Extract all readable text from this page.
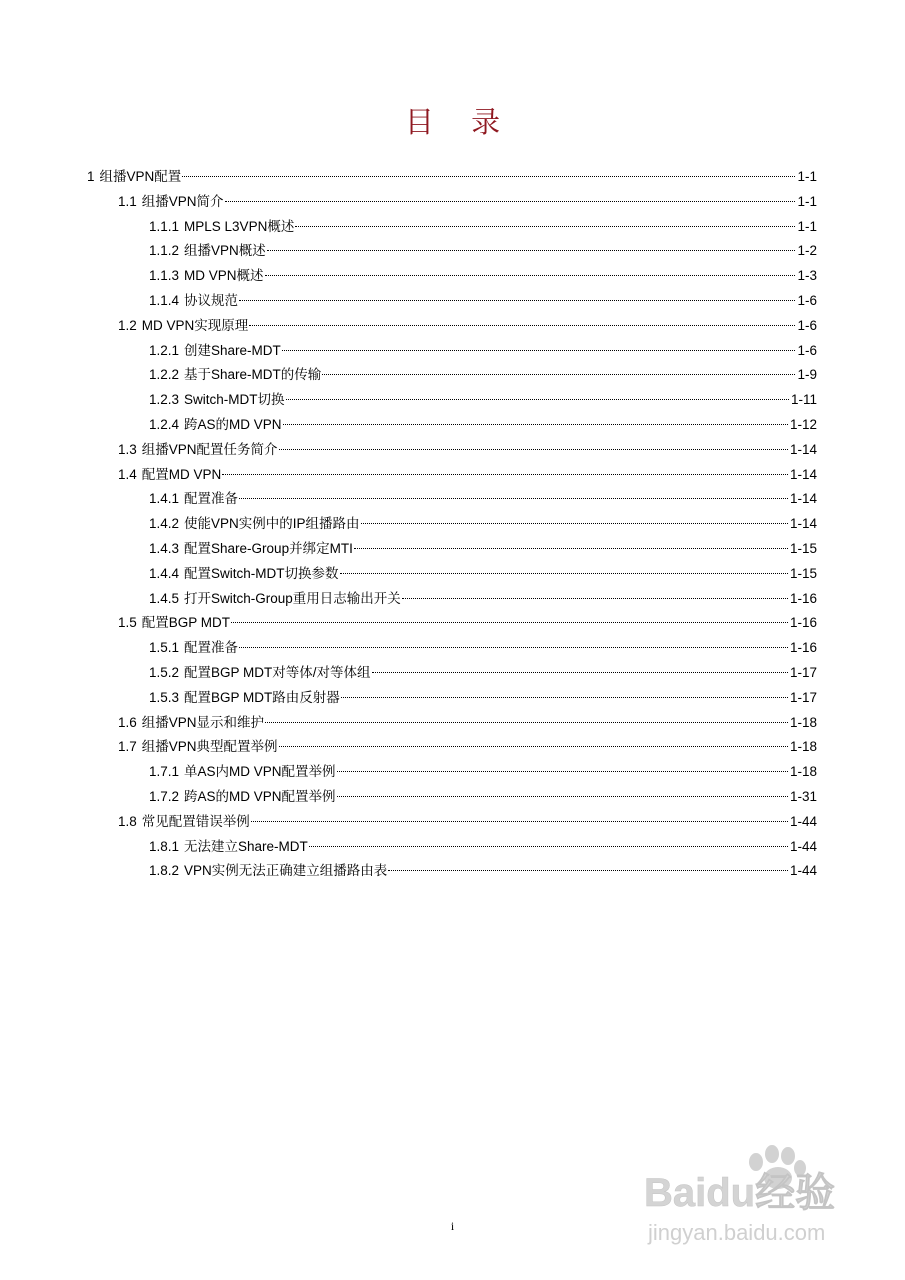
目 录
1 组播VPN配置	1-1
1.1 组播VPN简介	1-1
1.1.1 MPLS L3VPN概述	1-1
1.1.2 组播VPN概述	1-2
1.1.3 MD VPN概述	1-3
1.1.4 协议规范	1-6
1.2 MD VPN实现原理	1-6
1.2.1 创建Share-MDT	1-6
1.2.2 基于Share-MDT的传输	1-9
1.2.3 Switch-MDT切换	1-11
1.2.4 跨AS的MD VPN	1-12
1.3 组播VPN配置任务简介	1-14
1.4 配置MD VPN	1-14
1.4.1 配置准备	1-14
1.4.2 使能VPN实例中的IP组播路由	1-14
1.4.3 配置Share-Group并绑定MTI	1-15
1.4.4 配置Switch-MDT切换参数	1-15
1.4.5 打开Switch-Group重用日志输出开关	1-16
1.5 配置BGP MDT	1-16
1.5.1 配置准备	1-16
1.5.2 配置BGP MDT对等体/对等体组	1-17
1.5.3 配置BGP MDT路由反射器	1-17
1.6 组播VPN显示和维护	1-18
1.7 组播VPN典型配置举例	1-18
1.7.1 单AS内MD VPN配置举例	1-18
1.7.2 跨AS的MD VPN配置举例	1-31
1.8 常见配置错误举例	1-44
1.8.1 无法建立Share-MDT	1-44
1.8.2 VPN实例无法正确建立组播路由表	1-44
i
Baidu经验
jingyan.baidu.com
